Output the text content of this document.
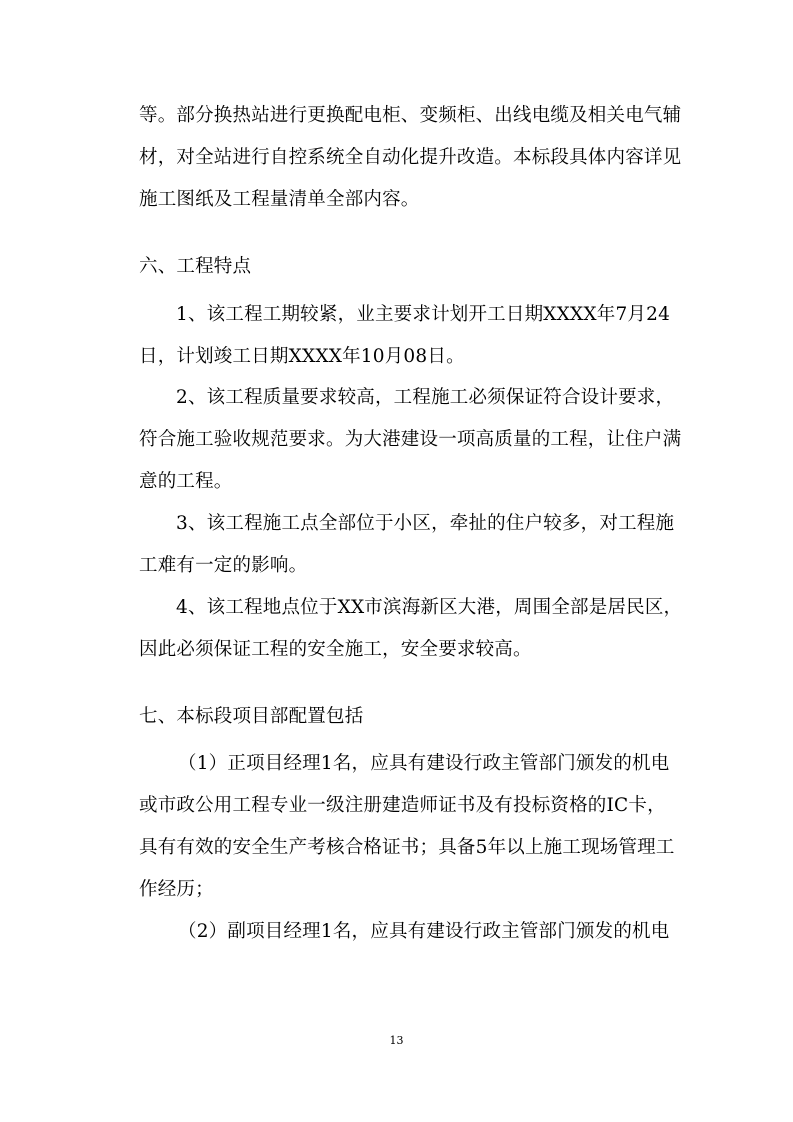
等。部分换热站进行更换配电柜、变频柜、出线电缆及相关电气辅
材，对全站进行自控系统全自动化提升改造。本标段具体内容详见
施工图纸及工程量清单全部内容。
六、工程特点
1、该工程工期较紧，业主要求计划开工日期XXXX年7月24
日，计划竣工日期XXXX年10月08日。
2、该工程质量要求较高，工程施工必须保证符合设计要求，
符合施工验收规范要求。为大港建设一项高质量的工程，让住户满
意的工程。
3、该工程施工点全部位于小区，牵扯的住户较多，对工程施
工难有一定的影响。
4、该工程地点位于XX市滨海新区大港，周围全部是居民区，
因此必须保证工程的安全施工，安全要求较高。
七、本标段项目部配置包括
（1）正项目经理1名，应具有建设行政主管部门颁发的机电
或市政公用工程专业一级注册建造师证书及有投标资格的IC卡，
具有有效的安全生产考核合格证书；具备5年以上施工现场管理工
作经历；
（2）副项目经理1名，应具有建设行政主管部门颁发的机电
13
